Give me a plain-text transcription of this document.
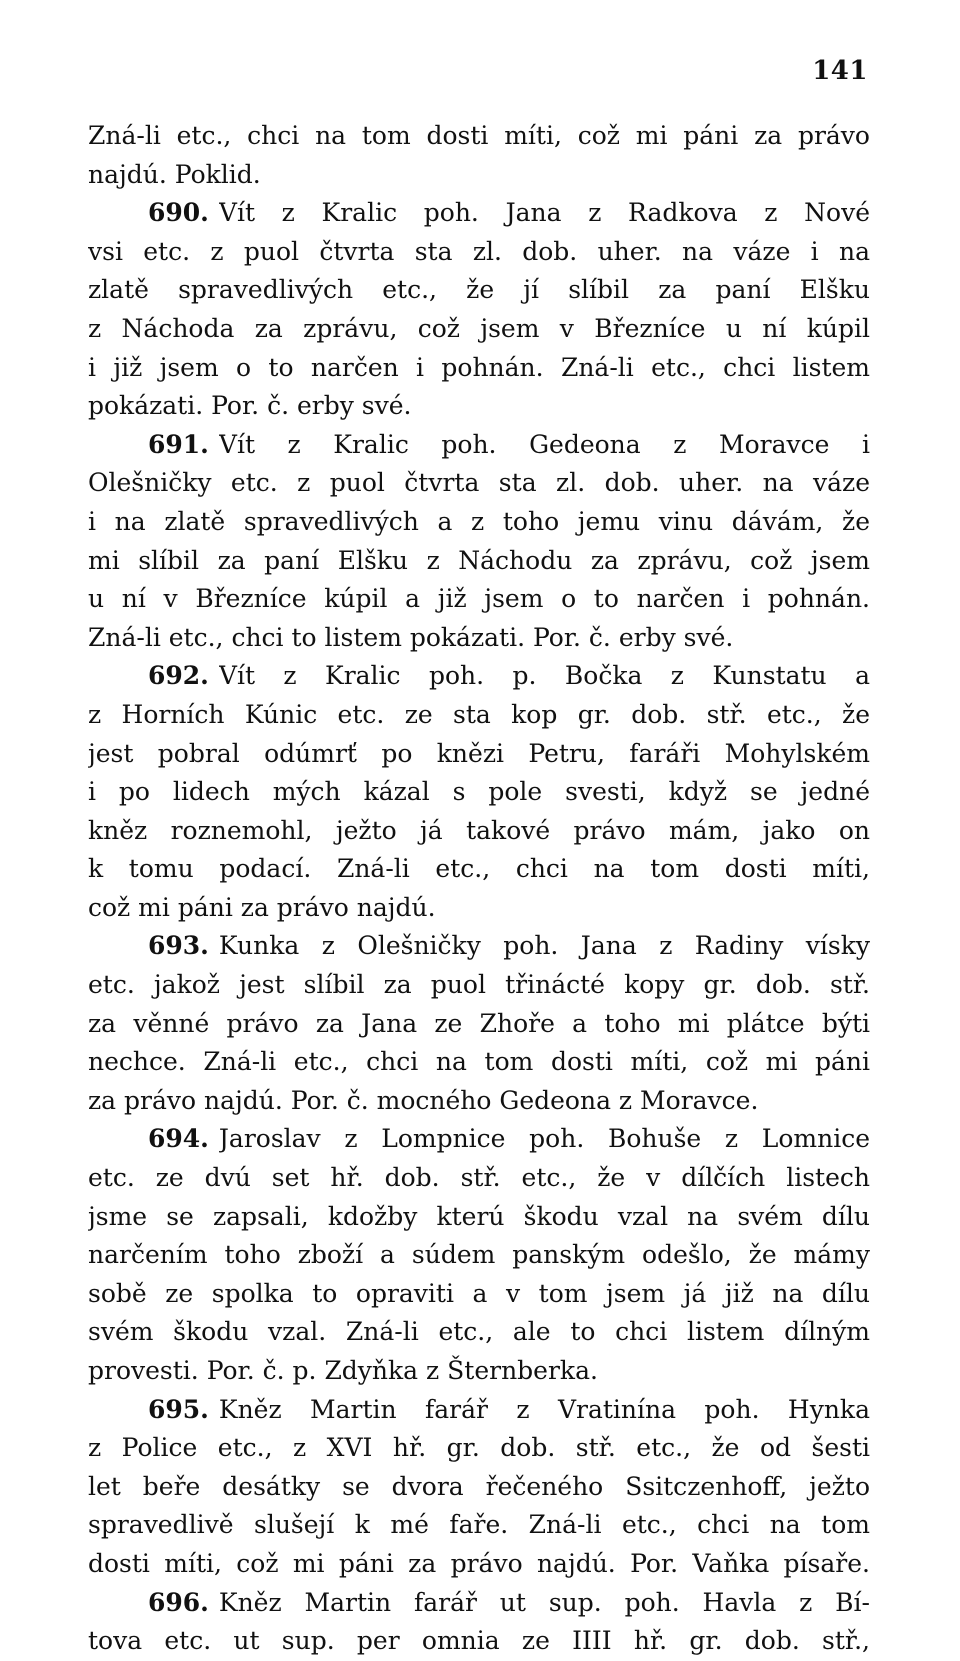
141
Zná-li etc., chci na tom dosti míti, což mi páni za právo
najdú. Poklid.
690. Vít z Kralic poh. Jana z Radkova z Nové
vsi etc. z puol čtvrta sta zl. dob. uher. na váze i na
zlatě spravedlivých etc., že jí slíbil za paní Elšku
z Náchoda za zprávu, což jsem v Březníce u ní kúpil
i již jsem o to narčen i pohnán. Zná-li etc., chci listem
pokázati. Por. č. erby své.
691. Vít z Kralic poh. Gedeona z Moravce i
Olešničky etc. z puol čtvrta sta zl. dob. uher. na váze
i na zlatě spravedlivých a z toho jemu vinu dávám, že
mi slíbil za paní Elšku z Náchodu za zprávu, což jsem
u ní v Březníce kúpil a již jsem o to narčen i pohnán.
Zná-li etc., chci to listem pokázati. Por. č. erby své.
692. Vít z Kralic poh. p. Bočka z Kunstatu a
z Horních Kúnic etc. ze sta kop gr. dob. stř. etc., že
jest pobral odúmrť po knězi Petru, faráři Mohylském
i po lidech mých kázal s pole svesti, když se jedné
kněz roznemohl, ježto já takové právo mám, jako on
k tomu podací. Zná-li etc., chci na tom dosti míti,
což mi páni za právo najdú.
693. Kunka z Olešničky poh. Jana z Radiny vísky
etc. jakož jest slíbil za puol třinácté kopy gr. dob. stř.
za věnné právo za Jana ze Zhoře a toho mi plátce býti
nechce. Zná-li etc., chci na tom dosti míti, což mi páni
za právo najdú. Por. č. mocného Gedeona z Moravce.
694. Jaroslav z Lompnice poh. Bohuše z Lomnice
etc. ze dvú set hř. dob. stř. etc., že v dílčích listech
jsme se zapsali, kdožby kterú škodu vzal na svém dílu
narčením toho zboží a súdem panským odešlo, že mámy
sobě ze spolka to opraviti a v tom jsem já již na dílu
svém škodu vzal. Zná-li etc., ale to chci listem dílným
provesti. Por. č. p. Zdyňka z Šternberka.
695. Kněz Martin farář z Vratinína poh. Hynka
z Police etc., z XVI hř. gr. dob. stř. etc., že od šesti
let beře desátky se dvora řečeného Ssitczenhoff, ježto
spravedlivě slušejí k mé faře. Zná-li etc., chci na tom
dosti míti, což mi páni za právo najdú. Por. Vaňka písaře.
696. Kněz Martin farář ut sup. poh. Havla z Bí-
tova etc. ut sup. per omnia ze IIII hř. gr. dob. stř.,
